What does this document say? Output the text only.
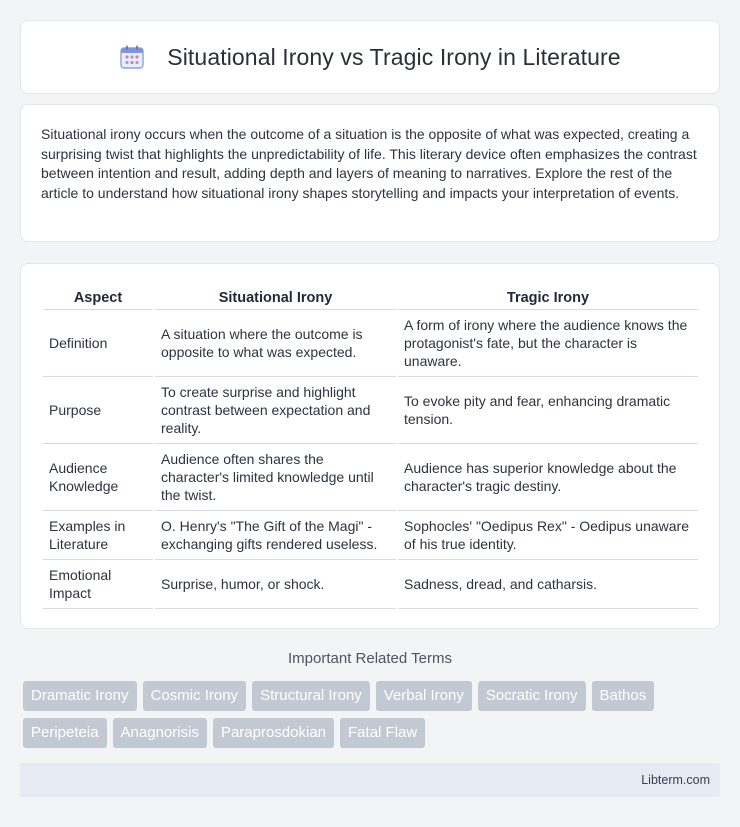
Situational Irony vs Tragic Irony in Literature

Situational irony occurs when the outcome of a situation is the opposite of what was expected, creating a surprising twist that highlights the unpredictability of life. This literary device often emphasizes the contrast between intention and result, adding depth and layers of meaning to narratives. Explore the rest of the article to understand how situational irony shapes storytelling and impacts your interpretation of events.

Aspect	Situational Irony	Tragic Irony
Definition	A situation where the outcome is opposite to what was expected.	A form of irony where the audience knows the protagonist's fate, but the character is unaware.
Purpose	To create surprise and highlight contrast between expectation and reality.	To evoke pity and fear, enhancing dramatic tension.
Audience Knowledge	Audience often shares the character's limited knowledge until the twist.	Audience has superior knowledge about the character's tragic destiny.
Examples in Literature	O. Henry's "The Gift of the Magi" - exchanging gifts rendered useless.	Sophocles' "Oedipus Rex" - Oedipus unaware of his true identity.
Emotional Impact	Surprise, humor, or shock.	Sadness, dread, and catharsis.
Important Related Terms
Dramatic Irony	Cosmic Irony	Structural Irony	Verbal Irony	Socratic Irony	Bathos
Peripeteia	Anagnorisis	Paraprosdokian	Fatal Flaw
Libterm.com
